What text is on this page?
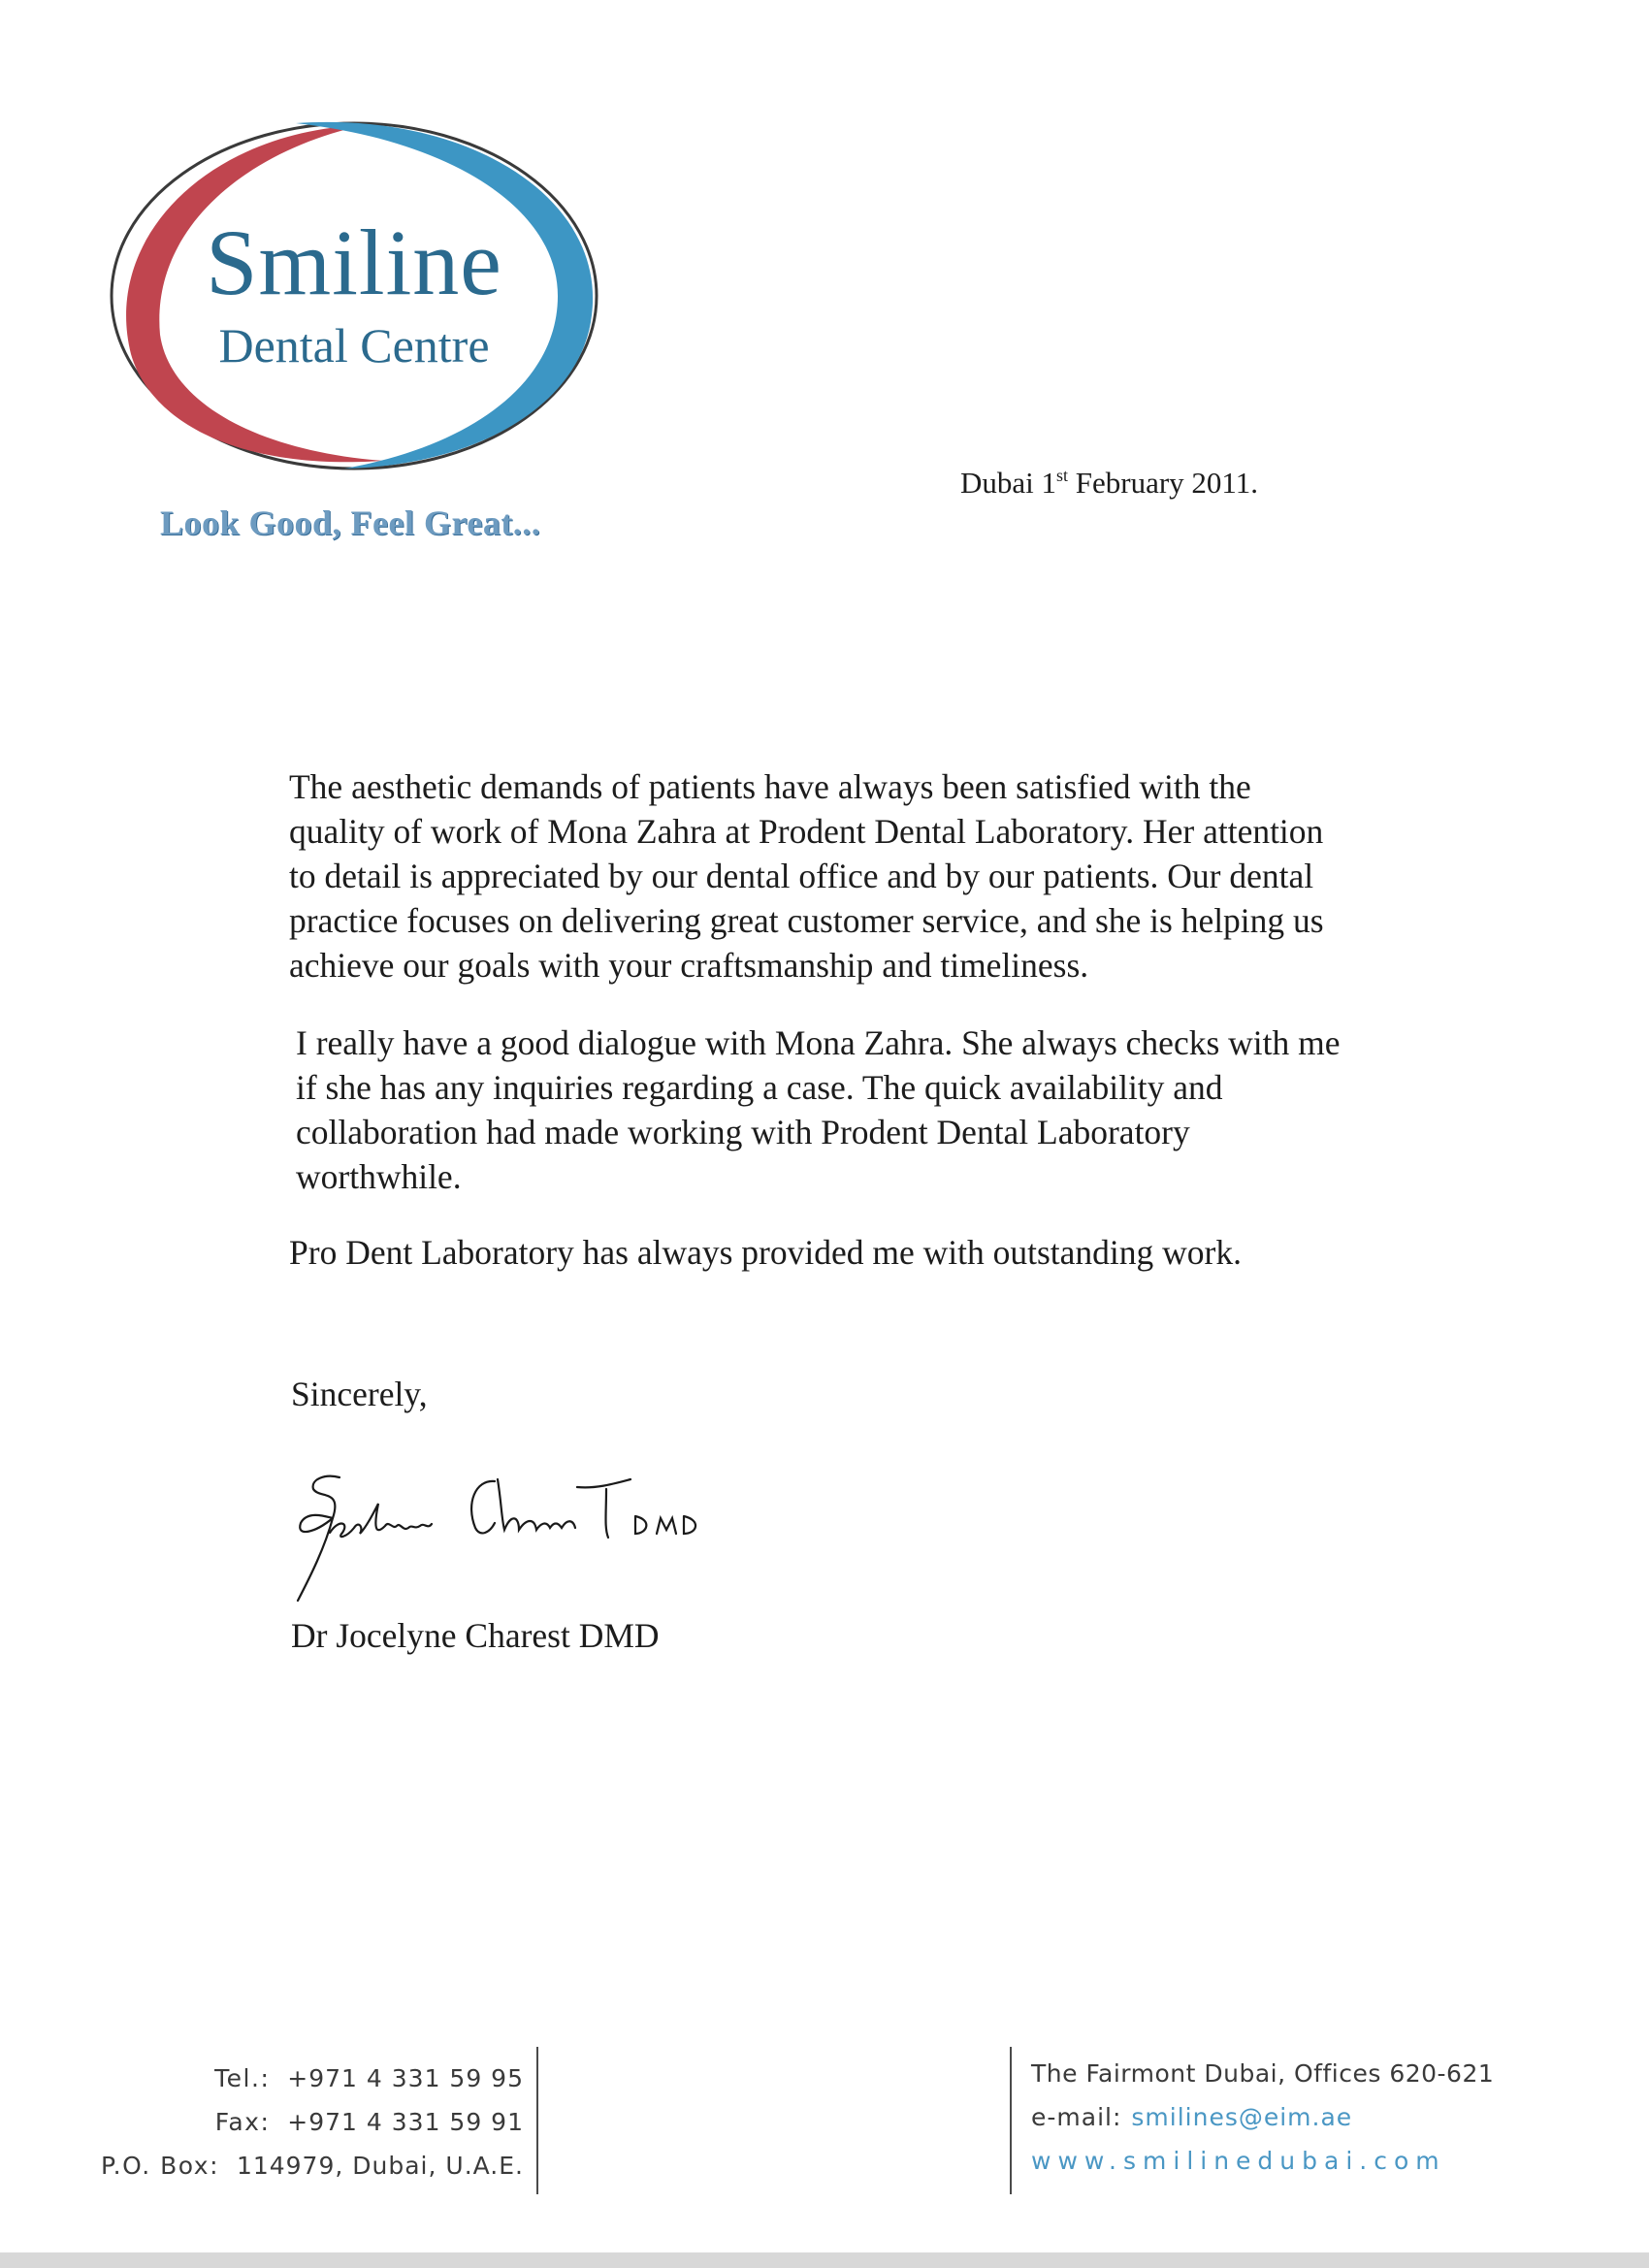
Smiline
Dental Centre
Look Good, Feel Great...
Dubai 1st February 2011.
The aesthetic demands of patients have always been satisfied with the
quality of work of Mona Zahra at Prodent Dental Laboratory. Her attention
to detail is appreciated by our dental office and by our patients. Our dental
practice focuses on delivering great customer service, and she is helping us
achieve our goals with your craftsmanship and timeliness.
I really have a good dialogue with Mona Zahra. She always checks with me
if she has any inquiries regarding a case. The quick availability and
collaboration had made working with Prodent Dental Laboratory
worthwhile.
Pro Dent Laboratory has always provided me with outstanding work.
Sincerely,
Dr Jocelyne Charest DMD
Tel.: +971 4 331 59 95
Fax: +971 4 331 59 91
P.O. Box: 114979, Dubai, U.A.E.
The Fairmont Dubai, Offices 620-621
e-mail: smilines@eim.ae
www.smilinedubai.com
